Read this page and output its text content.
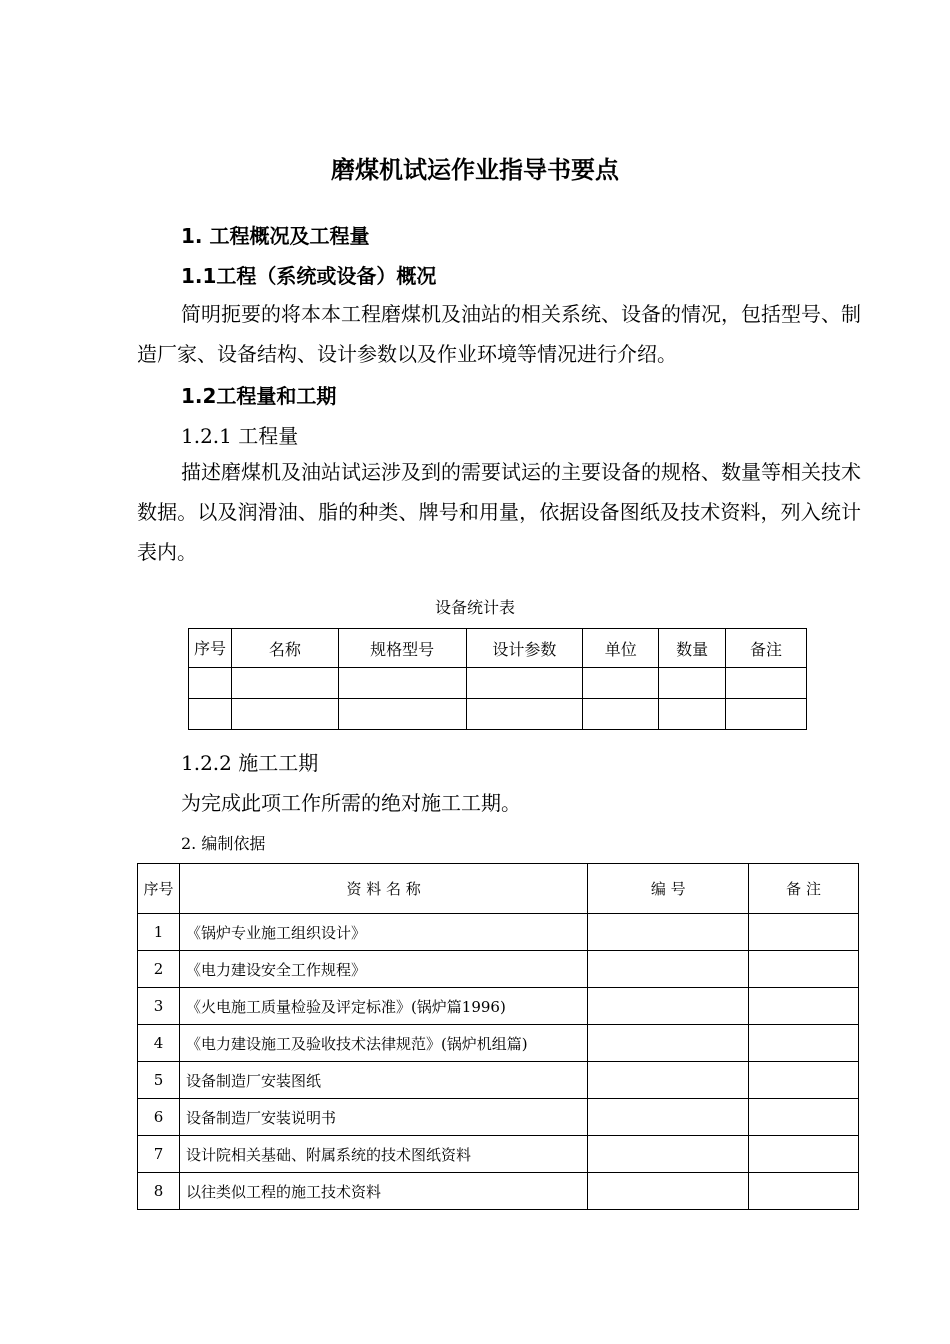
磨煤机试运作业指导书要点
1. 工程概况及工程量
1.1工程（系统或设备）概况
简明扼要的将本本工程磨煤机及油站的相关系统、设备的情况，包括型号、制造厂家、设备结构、设计参数以及作业环境等情况进行介绍。
1.2工程量和工期
1.2.1 工程量
描述磨煤机及油站试运涉及到的需要试运的主要设备的规格、数量等相关技术数据。以及润滑油、脂的种类、牌号和用量，依据设备图纸及技术资料，列入统计表内。
设备统计表
序号	名称	规格型号	设计参数	单位	数量	备注

1.2.2 施工工期
为完成此项工作所需的绝对施工工期。
2. 编制依据
序号	资 料 名 称	编 号	备 注
1	《锅炉专业施工组织设计》		
2	《电力建设安全工作规程》		
3	《火电施工质量检验及评定标准》(锅炉篇1996)		
4	《电力建设施工及验收技术法律规范》(锅炉机组篇)		
5	设备制造厂安装图纸		
6	设备制造厂安装说明书		
7	设计院相关基础、附属系统的技术图纸资料		
8	以往类似工程的施工技术资料		
